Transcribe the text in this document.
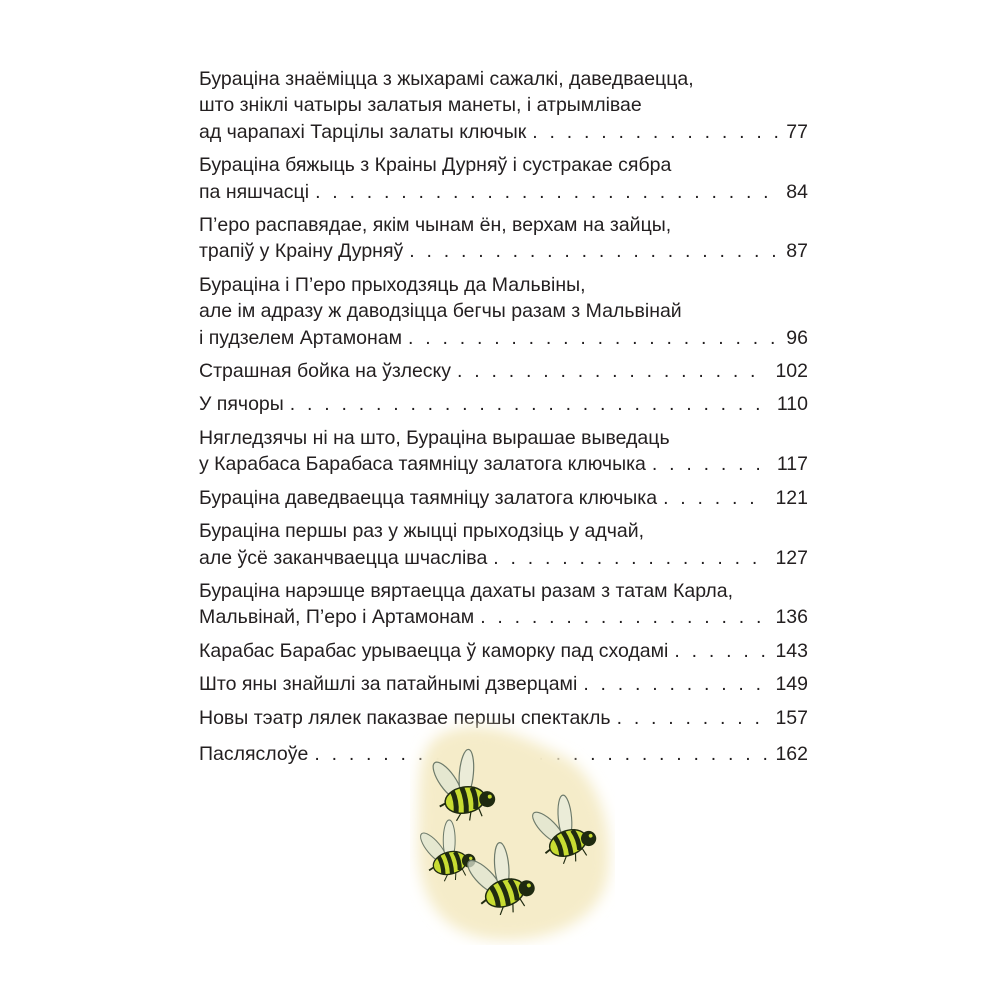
Бураціна знаёміцца з жыхарамі сажалкі, даведваецца,
што зніклі чатыры залатыя манеты, і атрымлівае
ад чарапахі Тарцілы залаты ключык . . .	77
Бураціна бяжыць з Краіны Дурняў і сустракае сябра
па няшчасці . . .	84
П’еро распавядае, якім чынам ён, верхам на зайцы,
трапіў у Краіну Дурняў . . .	87
Бураціна і П’еро прыходзяць да Мальвіны,
але ім адразу ж даводзіцца бегчы разам з Мальвінай
і пудзелем Артамонам . . .	96
Страшная бойка на ўзлеску . . .	102
У пячоры . . .	110
Нягледзячы ні на што, Бураціна вырашае выведаць
у Карабаса Барабаса таямніцу залатога ключыка . . .	117
Бураціна даведваецца таямніцу залатога ключыка . . .	121
Бураціна першы раз у жыцці прыходзіць у адчай,
але ўсё заканчваецца шчасліва . . .	127
Бураціна нарэшце вяртаецца дахаты разам з татам Карла,
Мальвінай, П’еро і Артамонам . . .	136
Карабас Барабас урываецца ў каморку пад сходамі . . .	143
Што яны знайшлі за патайнымі дзверцамі . . .	149
Новы тэатр лялек паказвае першы спектакль . . .	157
Пасляслоўе . . .	162
